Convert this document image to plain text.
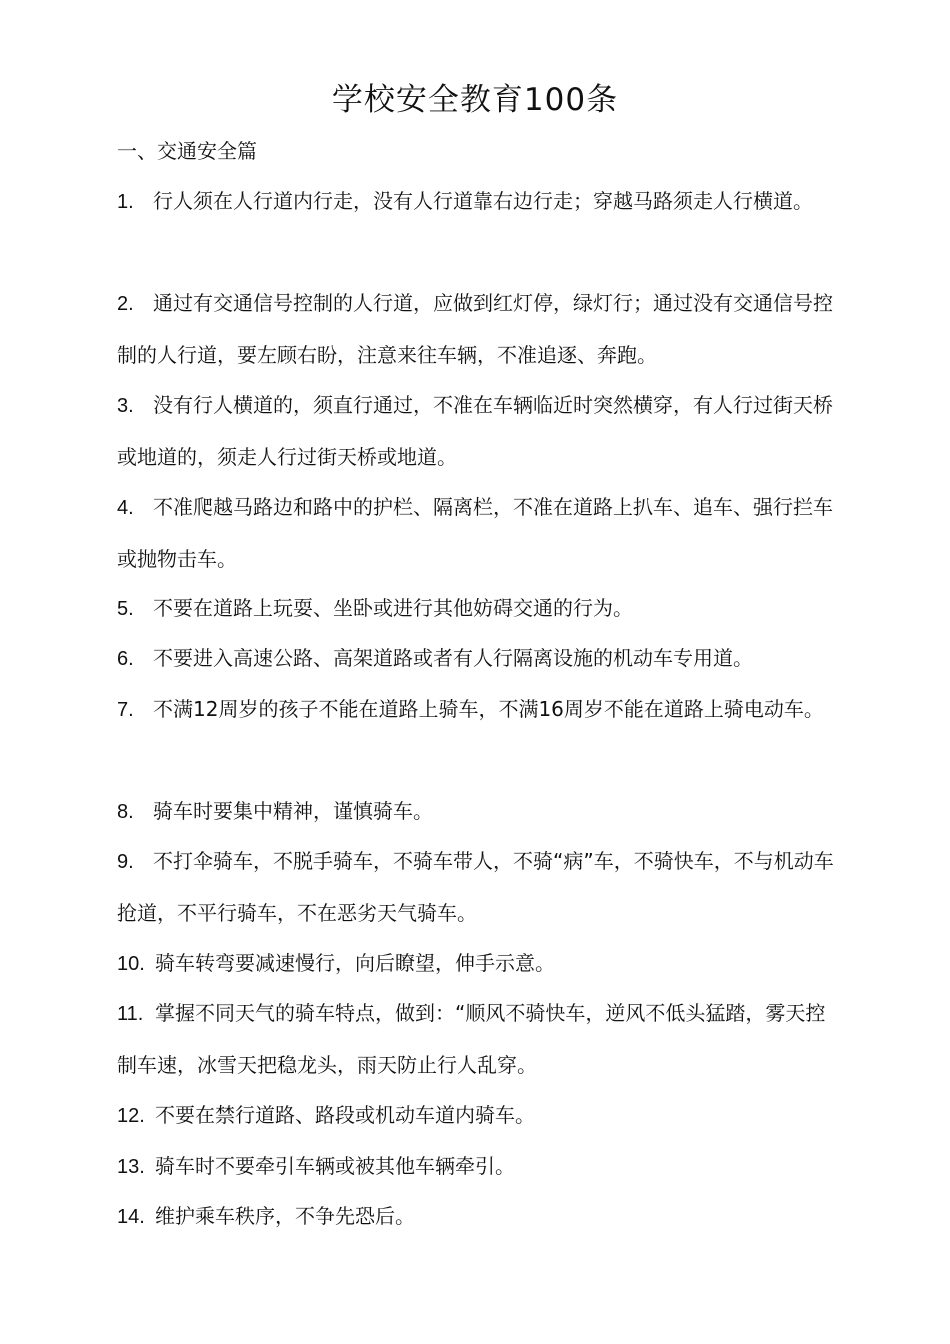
学校安全教育100条
一、交通安全篇
1. 行人须在人行道内行走，没有人行道靠右边行走；穿越马路须走人行横道。
2. 通过有交通信号控制的人行道，应做到红灯停，绿灯行；通过没有交通信号控制的人行道，要左顾右盼，注意来往车辆，不准追逐、奔跑。
3. 没有行人横道的，须直行通过，不准在车辆临近时突然横穿，有人行过街天桥或地道的，须走人行过街天桥或地道。
4. 不准爬越马路边和路中的护栏、隔离栏，不准在道路上扒车、追车、强行拦车或抛物击车。
5. 不要在道路上玩耍、坐卧或进行其他妨碍交通的行为。
6. 不要进入高速公路、高架道路或者有人行隔离设施的机动车专用道。
7. 不满12周岁的孩子不能在道路上骑车，不满16周岁不能在道路上骑电动车。
8. 骑车时要集中精神，谨慎骑车。
9. 不打伞骑车，不脱手骑车，不骑车带人，不骑“病”车，不骑快车，不与机动车抢道，不平行骑车，不在恶劣天气骑车。
10. 骑车转弯要减速慢行，向后瞭望，伸手示意。
11. 掌握不同天气的骑车特点，做到：“顺风不骑快车，逆风不低头猛踏，雾天控制车速，冰雪天把稳龙头，雨天防止行人乱穿。
12. 不要在禁行道路、路段或机动车道内骑车。
13. 骑车时不要牵引车辆或被其他车辆牵引。
14. 维护乘车秩序，不争先恐后。
